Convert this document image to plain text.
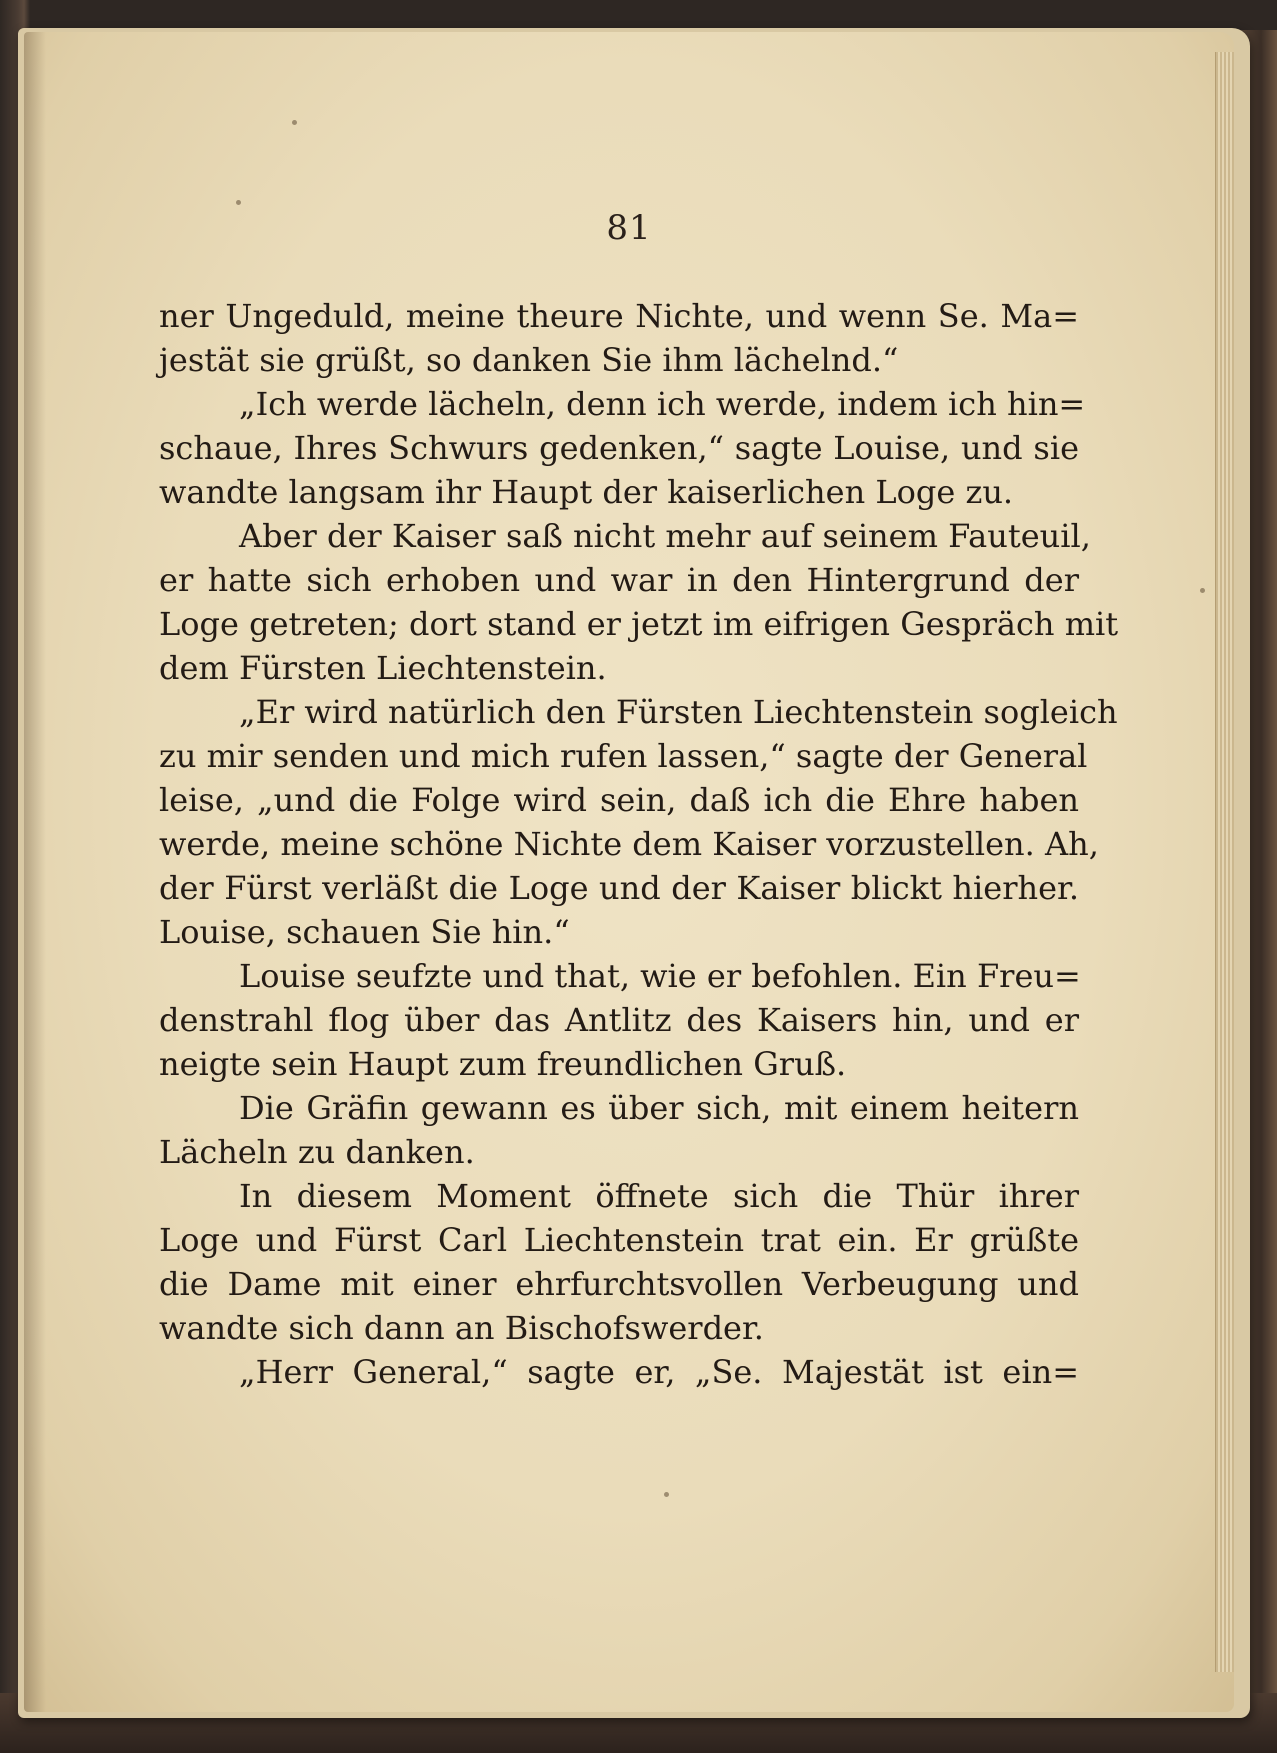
81
ner Ungeduld, meine theure Nichte, und wenn Se. Ma=
jestät sie grüßt, so danken Sie ihm lächelnd.“
„Ich werde lächeln, denn ich werde, indem ich hin=
schaue, Ihres Schwurs gedenken,“ sagte Louise, und sie
wandte langsam ihr Haupt der kaiserlichen Loge zu.
Aber der Kaiser saß nicht mehr auf seinem Fauteuil,
er hatte sich erhoben und war in den Hintergrund der
Loge getreten; dort stand er jetzt im eifrigen Gespräch mit
dem Fürsten Liechtenstein.
„Er wird natürlich den Fürsten Liechtenstein sogleich
zu mir senden und mich rufen lassen,“ sagte der General
leise, „und die Folge wird sein, daß ich die Ehre haben
werde, meine schöne Nichte dem Kaiser vorzustellen. Ah,
der Fürst verläßt die Loge und der Kaiser blickt hierher.
Louise, schauen Sie hin.“
Louise seufzte und that, wie er befohlen. Ein Freu=
denstrahl flog über das Antlitz des Kaisers hin, und er
neigte sein Haupt zum freundlichen Gruß.
Die Gräfin gewann es über sich, mit einem heitern
Lächeln zu danken.
In diesem Moment öffnete sich die Thür ihrer
Loge und Fürst Carl Liechtenstein trat ein. Er grüßte
die Dame mit einer ehrfurchtsvollen Verbeugung und
wandte sich dann an Bischofswerder.
„Herr General,“ sagte er, „Se. Majestät ist ein=
